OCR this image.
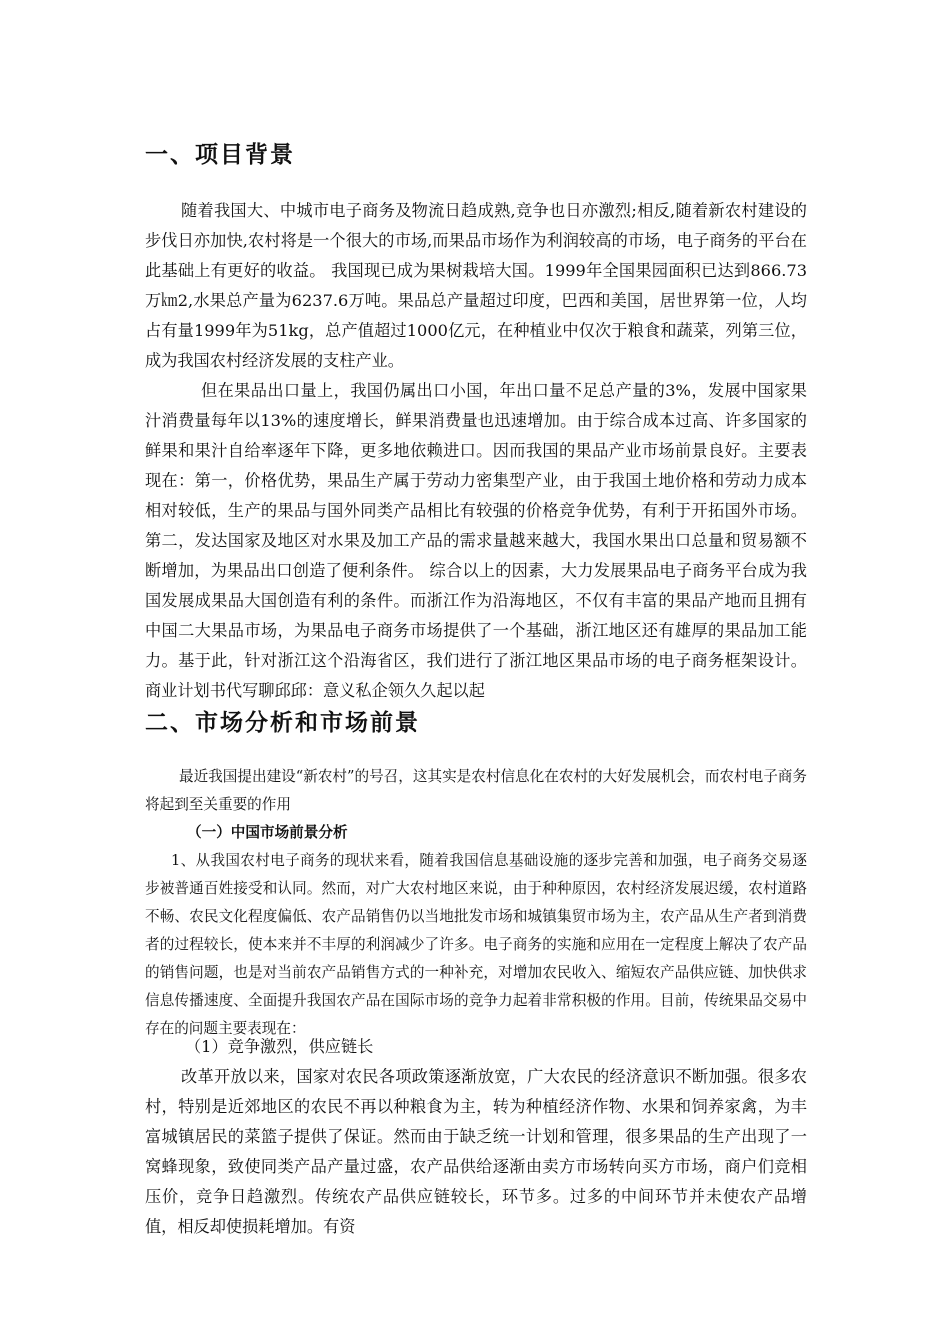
一、项目背景

随着我国大、中城市电子商务及物流日趋成熟,竞争也日亦激烈;相反,随着新农村建设的步伐日亦加快,农村将是一个很大的市场,而果品市场作为利润较高的市场，电子商务的平台在此基础上有更好的收益。 我国现已成为果树栽培大国。1999年全国果园面积已达到866.73万㎞2,水果总产量为6237.6万吨。果品总产量超过印度，巴西和美国，居世界第一位，人均占有量1999年为51kg，总产值超过1000亿元，在种植业中仅次于粮食和蔬菜，列第三位，成为我国农村经济发展的支柱产业。

但在果品出口量上，我国仍属出口小国，年出口量不足总产量的3%，发展中国家果汁消费量每年以13%的速度增长，鲜果消费量也迅速增加。由于综合成本过高、许多国家的鲜果和果汁自给率逐年下降，更多地依赖进口。因而我国的果品产业市场前景良好。主要表现在：第一，价格优势，果品生产属于劳动力密集型产业，由于我国土地价格和劳动力成本相对较低，生产的果品与国外同类产品相比有较强的价格竞争优势，有利于开拓国外市场。第二，发达国家及地区对水果及加工产品的需求量越来越大，我国水果出口总量和贸易额不断增加，为果品出口创造了便利条件。 综合以上的因素，大力发展果品电子商务平台成为我国发展成果品大国创造有利的条件。而浙江作为沿海地区，不仅有丰富的果品产地而且拥有中国二大果品市场，为果品电子商务市场提供了一个基础，浙江地区还有雄厚的果品加工能力。基于此，针对浙江这个沿海省区，我们进行了浙江地区果品市场的电子商务框架设计。商业计划书代写聊邱邱：意义私企领久久起以起

二、市场分析和市场前景

最近我国提出建设“新农村”的号召，这其实是农村信息化在农村的大好发展机会，而农村电子商务将起到至关重要的作用

（一）中国市场前景分析

1、从我国农村电子商务的现状来看，随着我国信息基础设施的逐步完善和加强，电子商务交易逐步被普通百姓接受和认同。然而，对广大农村地区来说，由于种种原因，农村经济发展迟缓，农村道路不畅、农民文化程度偏低、农产品销售仍以当地批发市场和城镇集贸市场为主，农产品从生产者到消费者的过程较长，使本来并不丰厚的利润减少了许多。电子商务的实施和应用在一定程度上解决了农产品的销售问题，也是对当前农产品销售方式的一种补充，对增加农民收入、缩短农产品供应链、加快供求信息传播速度、全面提升我国农产品在国际市场的竞争力起着非常积极的作用。目前，传统果品交易中存在的问题主要表现在：

（1）竞争激烈，供应链长

改革开放以来，国家对农民各项政策逐渐放宽，广大农民的经济意识不断加强。很多农村，特别是近郊地区的农民不再以种粮食为主，转为种植经济作物、水果和饲养家禽，为丰富城镇居民的菜篮子提供了保证。然而由于缺乏统一计划和管理，很多果品的生产出现了一窝蜂现象，致使同类产品产量过盛，农产品供给逐渐由卖方市场转向买方市场，商户们竞相压价，竞争日趋激烈。传统农产品供应链较长，环节多。过多的中间环节并未使农产品增值，相反却使损耗增加。有资
